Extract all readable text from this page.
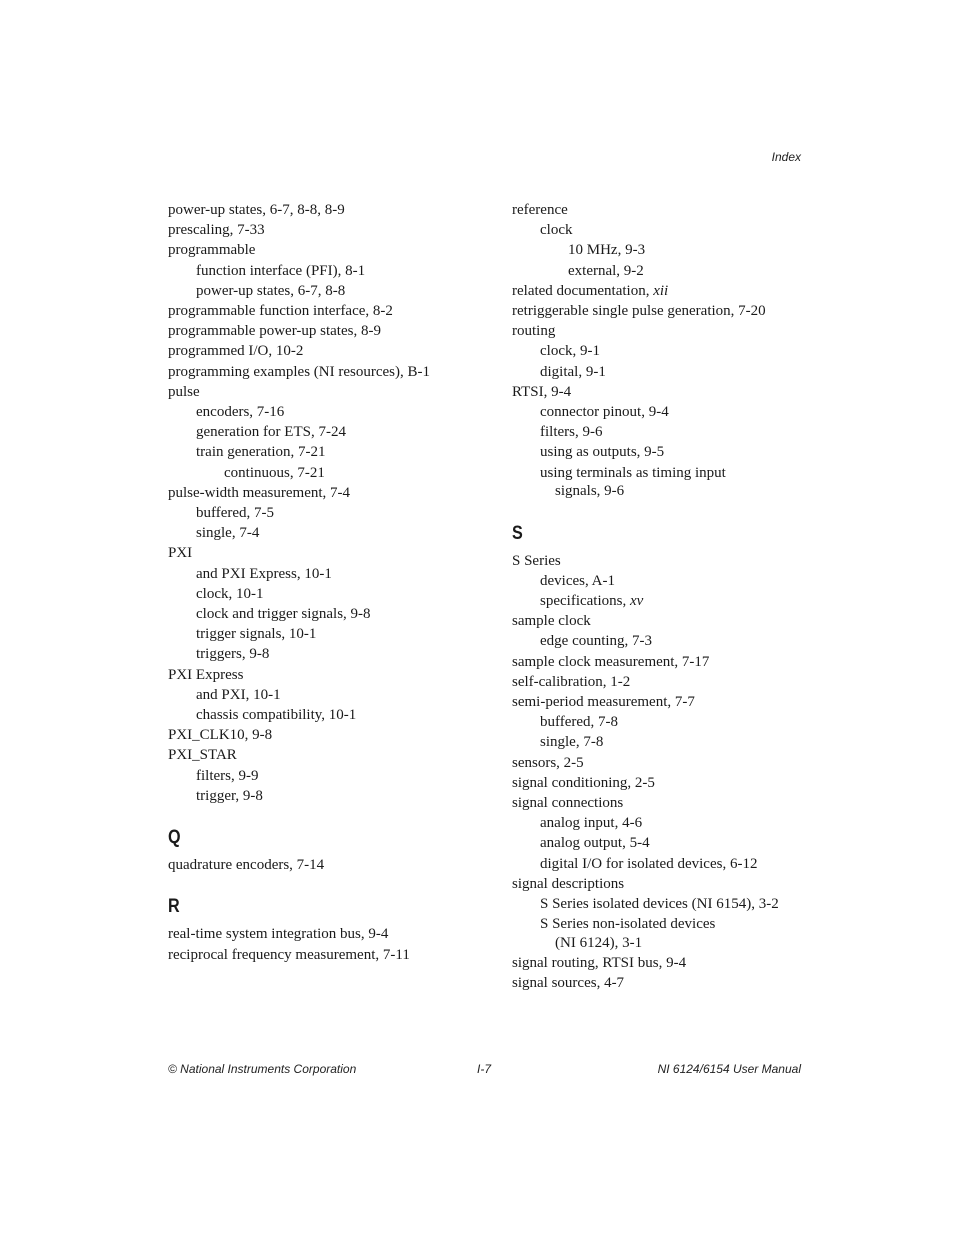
Index
power-up states, 6-7, 8-8, 8-9
prescaling, 7-33
programmable
function interface (PFI), 8-1
power-up states, 6-7, 8-8
programmable function interface, 8-2
programmable power-up states, 8-9
programmed I/O, 10-2
programming examples (NI resources), B-1
pulse
encoders, 7-16
generation for ETS, 7-24
train generation, 7-21
continuous, 7-21
pulse-width measurement, 7-4
buffered, 7-5
single, 7-4
PXI
and PXI Express, 10-1
clock, 10-1
clock and trigger signals, 9-8
trigger signals, 10-1
triggers, 9-8
PXI Express
and PXI, 10-1
chassis compatibility, 10-1
PXI_CLK10, 9-8
PXI_STAR
filters, 9-9
trigger, 9-8
Q
quadrature encoders, 7-14
R
real-time system integration bus, 9-4
reciprocal frequency measurement, 7-11
reference
clock
10 MHz, 9-3
external, 9-2
related documentation, xii
retriggerable single pulse generation, 7-20
routing
clock, 9-1
digital, 9-1
RTSI, 9-4
connector pinout, 9-4
filters, 9-6
using as outputs, 9-5
using terminals as timing input
signals, 9-6
S
S Series
devices, A-1
specifications, xv
sample clock
edge counting, 7-3
sample clock measurement, 7-17
self-calibration, 1-2
semi-period measurement, 7-7
buffered, 7-8
single, 7-8
sensors, 2-5
signal conditioning, 2-5
signal connections
analog input, 4-6
analog output, 5-4
digital I/O for isolated devices, 6-12
signal descriptions
S Series isolated devices (NI 6154), 3-2
S Series non-isolated devices
(NI 6124), 3-1
signal routing, RTSI bus, 9-4
signal sources, 4-7
© National Instruments Corporation	I-7	NI 6124/6154 User Manual
